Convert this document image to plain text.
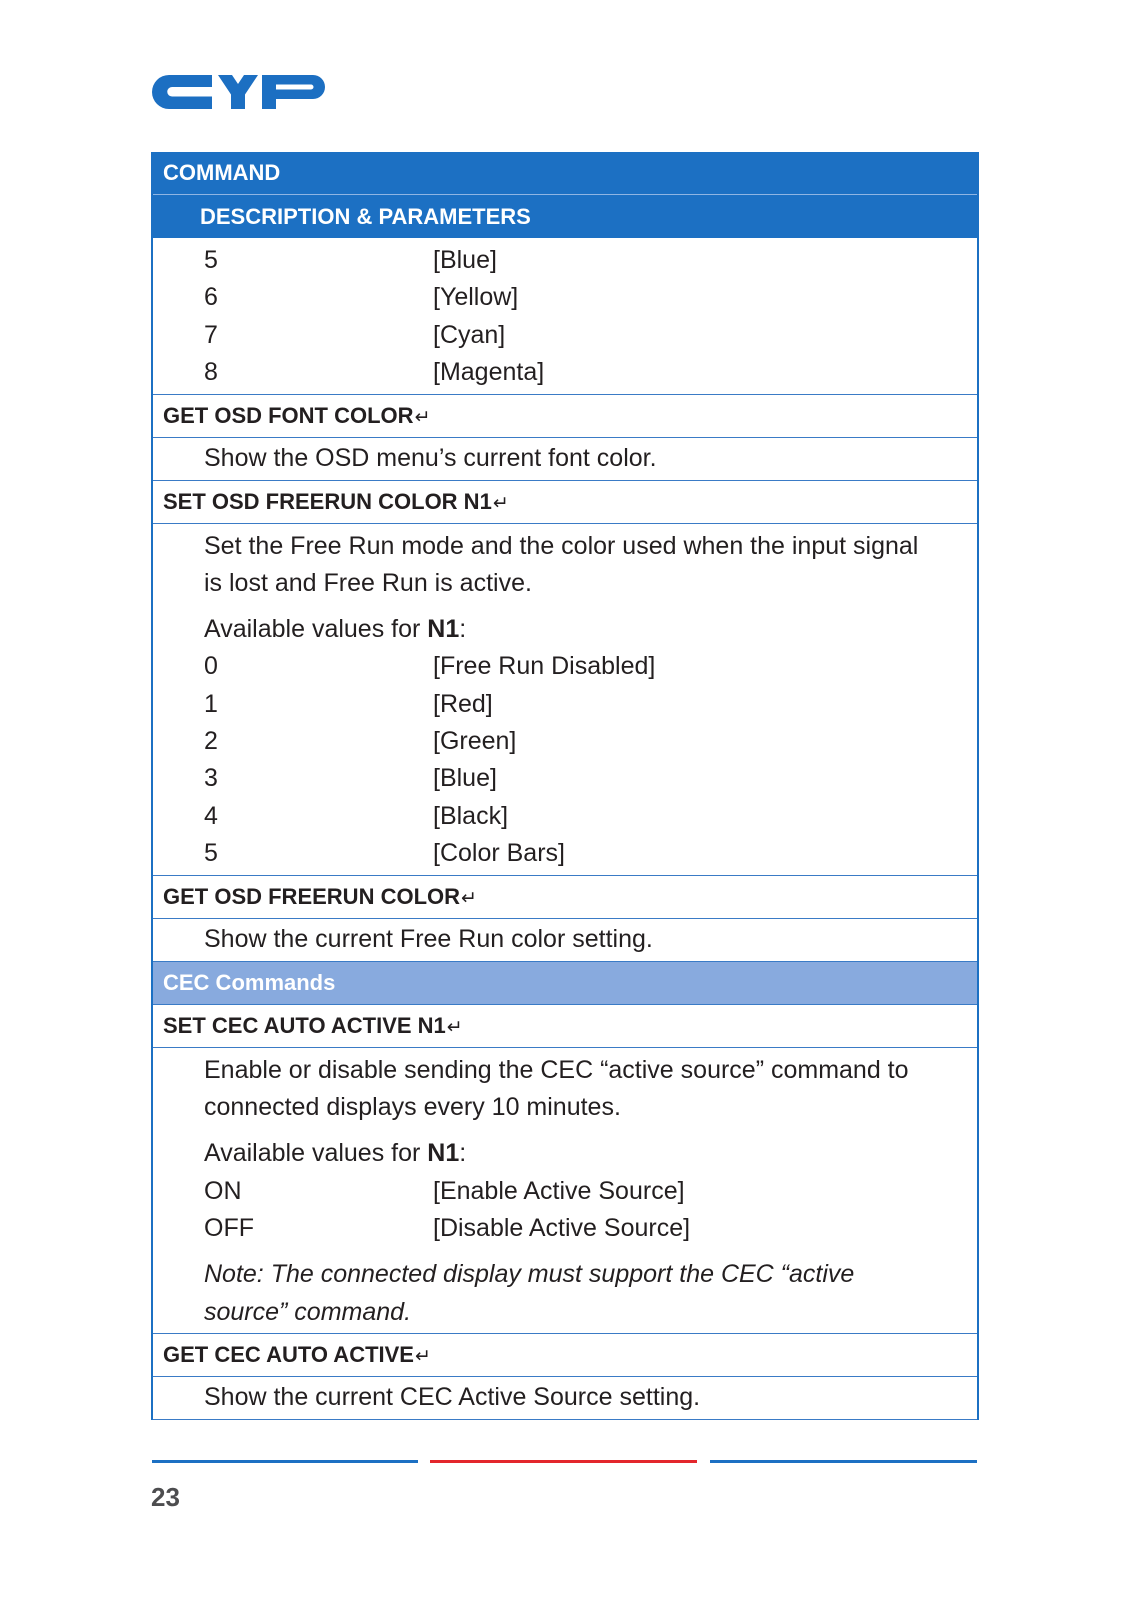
COMMAND
DESCRIPTION & PARAMETERS
5	[Blue]
6	[Yellow]
7	[Cyan]
8	[Magenta]
GET OSD FONT COLOR↵
Show the OSD menu’s current font color.
SET OSD FREERUN COLOR N1↵
Set the Free Run mode and the color used when the input signal
is lost and Free Run is active.
Available values for N1:
0	[Free Run Disabled]
1	[Red]
2	[Green]
3	[Blue]
4	[Black]
5	[Color Bars]
GET OSD FREERUN COLOR↵
Show the current Free Run color setting.
CEC Commands
SET CEC AUTO ACTIVE N1↵
Enable or disable sending the CEC “active source” command to
connected displays every 10 minutes.
Available values for N1:
ON	[Enable Active Source]
OFF	[Disable Active Source]
Note: The connected display must support the CEC “active
source” command.
GET CEC AUTO ACTIVE↵
Show the current CEC Active Source setting.
23
